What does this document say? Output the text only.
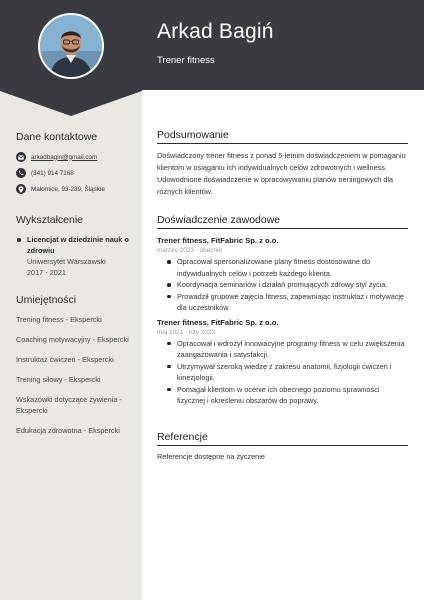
Arkad Bagiń
Trener fitness
Dane kontaktowe
arkadbagin@gmail.com
(341) 914 7168
Małomice, 93-239, Śląskie
Wykształcenie
Licencjat w dziedzinie nauk o zdrowiu
Uniwersytet Warszawski
2017 - 2021
Umiejętności
Trening fitness - Ekspercki
Coaching motywacyjny - Ekspercki
Instruktaż ćwiczeń - Ekspercki
Trening siłowy - Ekspercki
Wskazówki dotyczące żywienia - Ekspercki
Edukacja zdrowotna - Ekspercki
Podsumowanie

Doświadczony trener fitness z ponad 5-letnim doświadczeniem w pomaganiu klientom w osiąganiu ich indywidualnych celów zdrowotnych i wellness. Udowodnione doświadczenie w opracowywaniu planów treningowych dla różnych klientów.

Doświadczenie zawodowe
Trener fitness, FitFabric Sp. z o.o.
marzec 2023 - obecnie
Opracował spersonalizowane plany fitness dostosowane do indywidualnych celów i potrzeb każdego klienta.
Koordynacja seminariów i działań promujących zdrowy styl życia.
Prowadził grupowe zajęcia fitness, zapewniając instruktaż i motywację dla uczestników.
Trener fitness, FitFabric Sp. z o.o.
maj 2021 - luty 2023
Opracował i wdrożył innowacyjne programy fitness w celu zwiększenia zaangażowania i satysfakcji.
Utrzymywał szeroką wiedzę z zakresu anatomii, fizjologii ćwiczeń i kinezjologii.
Pomagał klientom w ocenie ich obecnego poziomu sprawności fizycznej i określeniu obszarów do poprawy.
Referencje
Referencje dostępne na życzenie
